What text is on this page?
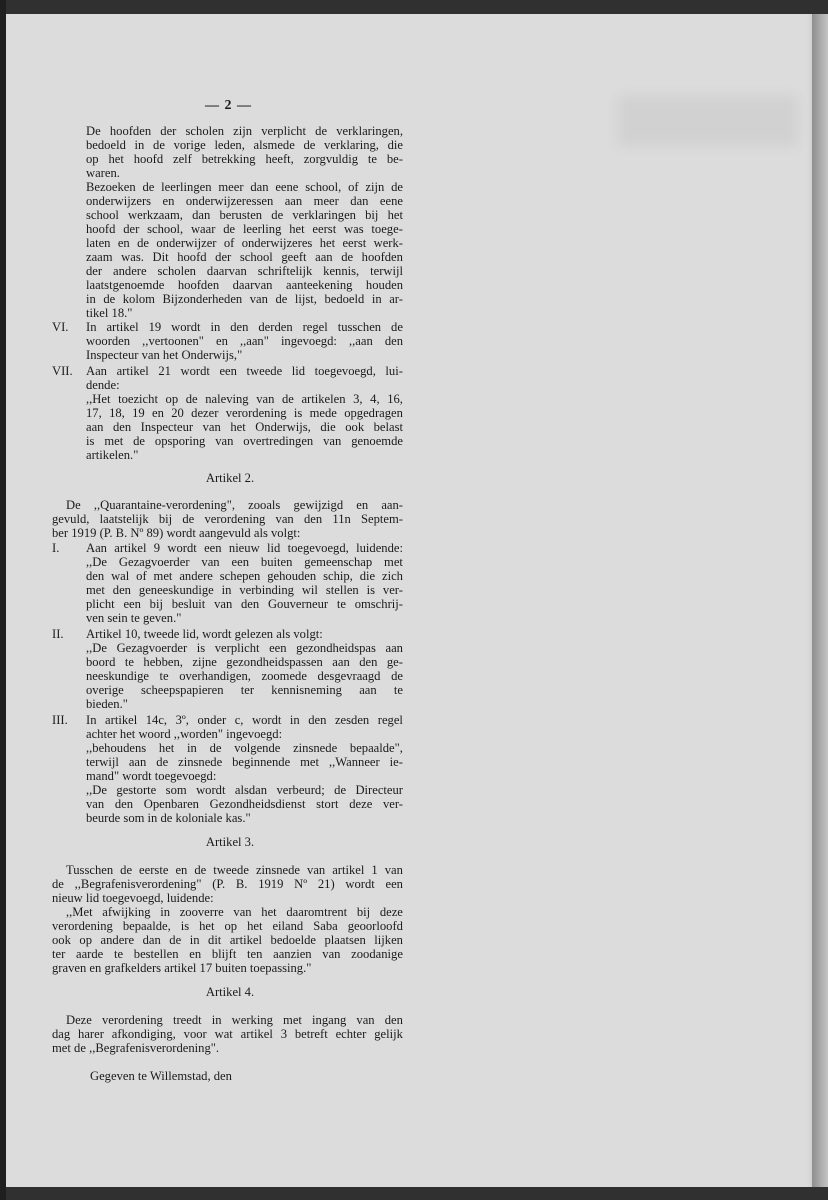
— 2 —
De hoofden der scholen zijn verplicht de verklaringen,
bedoeld in de vorige leden, alsmede de verklaring, die
op het hoofd zelf betrekking heeft, zorgvuldig te be-
waren.
Bezoeken de leerlingen meer dan eene school, of zijn de
onderwijzers en onderwijzeressen aan meer dan eene
school werkzaam, dan berusten de verklaringen bij het
hoofd der school, waar de leerling het eerst was toege-
laten en de onderwijzer of onderwijzeres het eerst werk-
zaam was. Dit hoofd der school geeft aan de hoofden
der andere scholen daarvan schriftelijk kennis, terwijl
laatstgenoemde hoofden daarvan aanteekening houden
in de kolom Bijzonderheden van de lijst, bedoeld in ar-
tikel 18."
VI. In artikel 19 wordt in den derden regel tusschen de
woorden ,,vertoonen" en ,,aan" ingevoegd: ,,aan den
Inspecteur van het Onderwijs,"
VII. Aan artikel 21 wordt een tweede lid toegevoegd, lui-
dende:
,,Het toezicht op de naleving van de artikelen 3, 4, 16,
17, 18, 19 en 20 dezer verordening is mede opgedragen
aan den Inspecteur van het Onderwijs, die ook belast
is met de opsporing van overtredingen van genoemde
artikelen."
Artikel 2.
De ,,Quarantaine-verordening", zooals gewijzigd en aan-
gevuld, laatstelijk bij de verordening van den 11n Septem-
ber 1919 (P. B. Nº 89) wordt aangevuld als volgt:
I. Aan artikel 9 wordt een nieuw lid toegevoegd, luidende:
,,De Gezagvoerder van een buiten gemeenschap met
den wal of met andere schepen gehouden schip, die zich
met den geneeskundige in verbinding wil stellen is ver-
plicht een bij besluit van den Gouverneur te omschrij-
ven sein te geven."
II. Artikel 10, tweede lid, wordt gelezen als volgt:
,,De Gezagvoerder is verplicht een gezondheidspas aan
boord te hebben, zijne gezondheidspassen aan den ge-
neeskundige te overhandigen, zoomede desgevraagd de
overige scheepspapieren ter kennisneming aan te
bieden."
III. In artikel 14c, 3º, onder c, wordt in den zesden regel
achter het woord ,,worden" ingevoegd:
,,behoudens het in de volgende zinsnede bepaalde",
terwijl aan de zinsnede beginnende met ,,Wanneer ie-
mand" wordt toegevoegd:
,,De gestorte som wordt alsdan verbeurd; de Directeur
van den Openbaren Gezondheidsdienst stort deze ver-
beurde som in de koloniale kas."
Artikel 3.
Tusschen de eerste en de tweede zinsnede van artikel 1 van
de ,,Begrafenisverordening" (P. B. 1919 Nº 21) wordt een
nieuw lid toegevoegd, luidende:
,,Met afwijking in zooverre van het daaromtrent bij deze
verordening bepaalde, is het op het eiland Saba geoorloofd
ook op andere dan de in dit artikel bedoelde plaatsen lijken
ter aarde te bestellen en blijft ten aanzien van zoodanige
graven en grafkelders artikel 17 buiten toepassing."
Artikel 4.
Deze verordening treedt in werking met ingang van den
dag harer afkondiging, voor wat artikel 3 betreft echter gelijk
met de ,,Begrafenisverordening".
Gegeven te Willemstad, den
